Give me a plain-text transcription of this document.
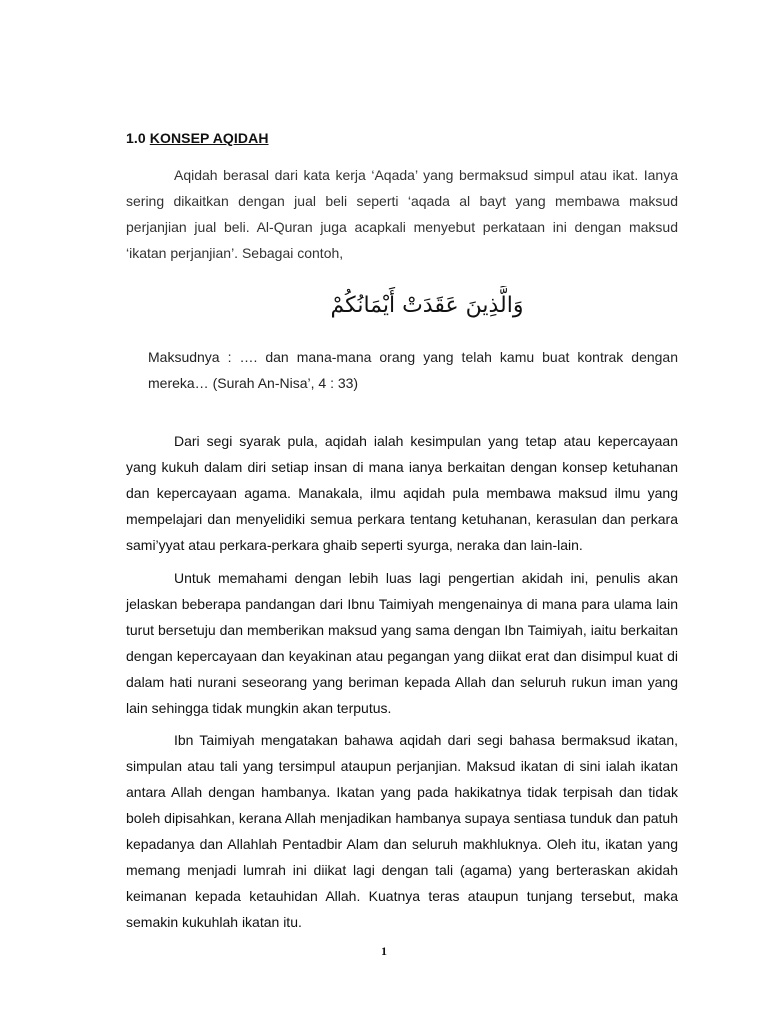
1.0 KONSEP AQIDAH

Aqidah berasal dari kata kerja ‘Aqada’ yang bermaksud simpul atau ikat. Ianya sering dikaitkan dengan jual beli seperti ‘aqada al bayt yang membawa maksud perjanjian jual beli. Al-Quran juga acapkali menyebut perkataan ini dengan maksud ‘ikatan perjanjian’. Sebagai contoh,

وَالَّذِينَ عَقَدَتْ أَيْمَانُكُمْ

Maksudnya : …. dan mana-mana orang yang telah kamu buat kontrak dengan mereka… (Surah An-Nisa’, 4 : 33)

Dari segi syarak pula, aqidah ialah kesimpulan yang tetap atau kepercayaan yang kukuh dalam diri setiap insan di mana ianya berkaitan dengan konsep ketuhanan dan kepercayaan agama. Manakala, ilmu aqidah pula membawa maksud ilmu yang mempelajari dan menyelidiki semua perkara tentang ketuhanan, kerasulan dan perkara sami’yyat atau perkara-perkara ghaib seperti syurga, neraka dan lain-lain.

Untuk memahami dengan lebih luas lagi pengertian akidah ini, penulis akan jelaskan beberapa pandangan dari Ibnu Taimiyah mengenainya di mana para ulama lain turut bersetuju dan memberikan maksud yang sama dengan Ibn Taimiyah, iaitu berkaitan dengan kepercayaan dan keyakinan atau pegangan yang diikat erat dan disimpul kuat di dalam hati nurani seseorang yang beriman kepada Allah dan seluruh rukun iman yang lain sehingga tidak mungkin akan terputus.

Ibn Taimiyah mengatakan bahawa aqidah dari segi bahasa bermaksud ikatan, simpulan atau tali yang tersimpul ataupun perjanjian. Maksud ikatan di sini ialah ikatan antara Allah dengan hambanya. Ikatan yang pada hakikatnya tidak terpisah dan tidak boleh dipisahkan, kerana Allah menjadikan hambanya supaya sentiasa tunduk dan patuh kepadanya dan Allahlah Pentadbir Alam dan seluruh makhluknya. Oleh itu, ikatan yang memang menjadi lumrah ini diikat lagi dengan tali (agama) yang berteraskan akidah keimanan kepada ketauhidan Allah. Kuatnya teras ataupun tunjang tersebut, maka semakin kukuhlah ikatan itu.

1
